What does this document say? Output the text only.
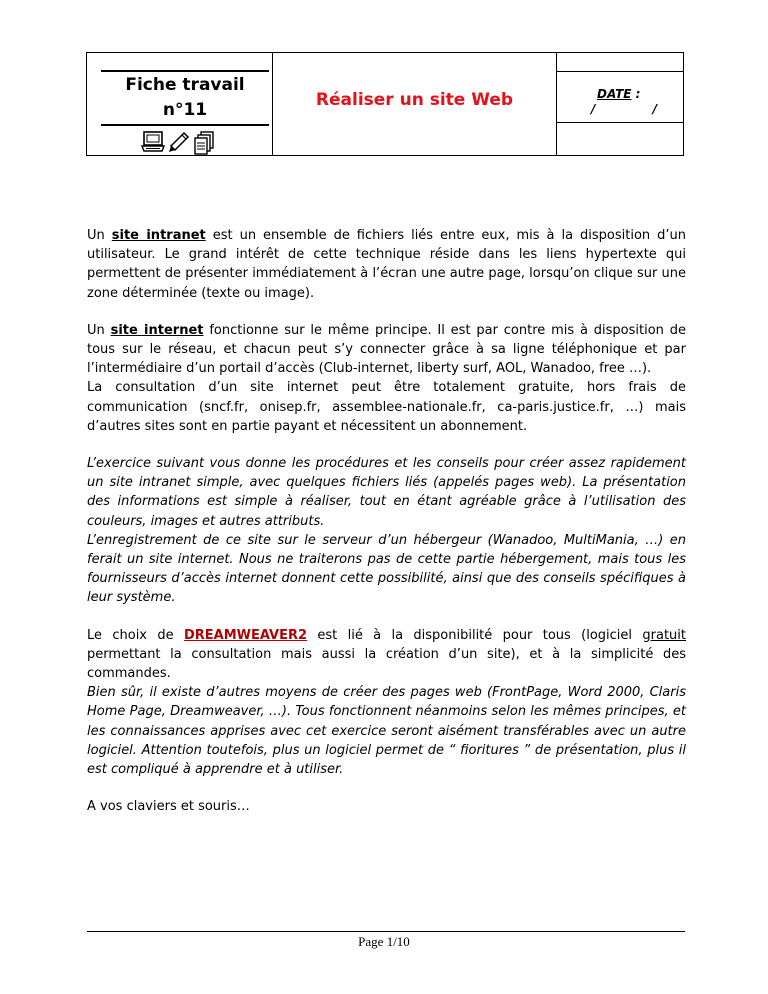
Fiche travail
n°11	Réaliser un site Web	DATE :
/	/

Un site intranet est un ensemble de fichiers liés entre eux, mis à la disposition d’un utilisateur. Le grand intérêt de cette technique réside dans les liens hypertexte qui permettent de présenter immédiatement à l’écran une autre page, lorsqu’on clique sur une zone déterminée (texte ou image).

Un site internet fonctionne sur le même principe. Il est par contre mis à disposition de tous sur le réseau, et chacun peut s’y connecter grâce à sa ligne téléphonique et par l’intermédiaire d’un portail d’accès (Club-internet, liberty surf, AOL, Wanadoo, free …).

La consultation d’un site internet peut être totalement gratuite, hors frais de communication (sncf.fr, onisep.fr, assemblee-nationale.fr, ca-paris.justice.fr, …) mais d’autres sites sont en partie payant et nécessitent un abonnement.

L’exercice suivant vous donne les procédures et les conseils pour créer assez rapidement un site intranet simple, avec quelques fichiers liés (appelés pages web). La présentation des informations est simple à réaliser, tout en étant agréable grâce à l’utilisation des couleurs, images et autres attributs.

L’enregistrement de ce site sur le serveur d’un hébergeur (Wanadoo, MultiMania, …) en ferait un site internet. Nous ne traiterons pas de cette partie hébergement, mais tous les fournisseurs d’accès internet donnent cette possibilité, ainsi que des conseils spécifiques à leur système.

Le choix de DREAMWEAVER2 est lié à la disponibilité pour tous (logiciel gratuit permettant la consultation mais aussi la création d’un site), et à la simplicité des commandes.

Bien sûr, il existe d’autres moyens de créer des pages web (FrontPage, Word 2000, Claris Home Page, Dreamweaver, …). Tous fonctionnent néanmoins selon les mêmes principes, et les connaissances apprises avec cet exercice seront aisément transférables avec un autre logiciel. Attention toutefois, plus un logiciel permet de “ fioritures ” de présentation, plus il est compliqué à apprendre et à utiliser.

A vos claviers et souris…

Page 1/10
